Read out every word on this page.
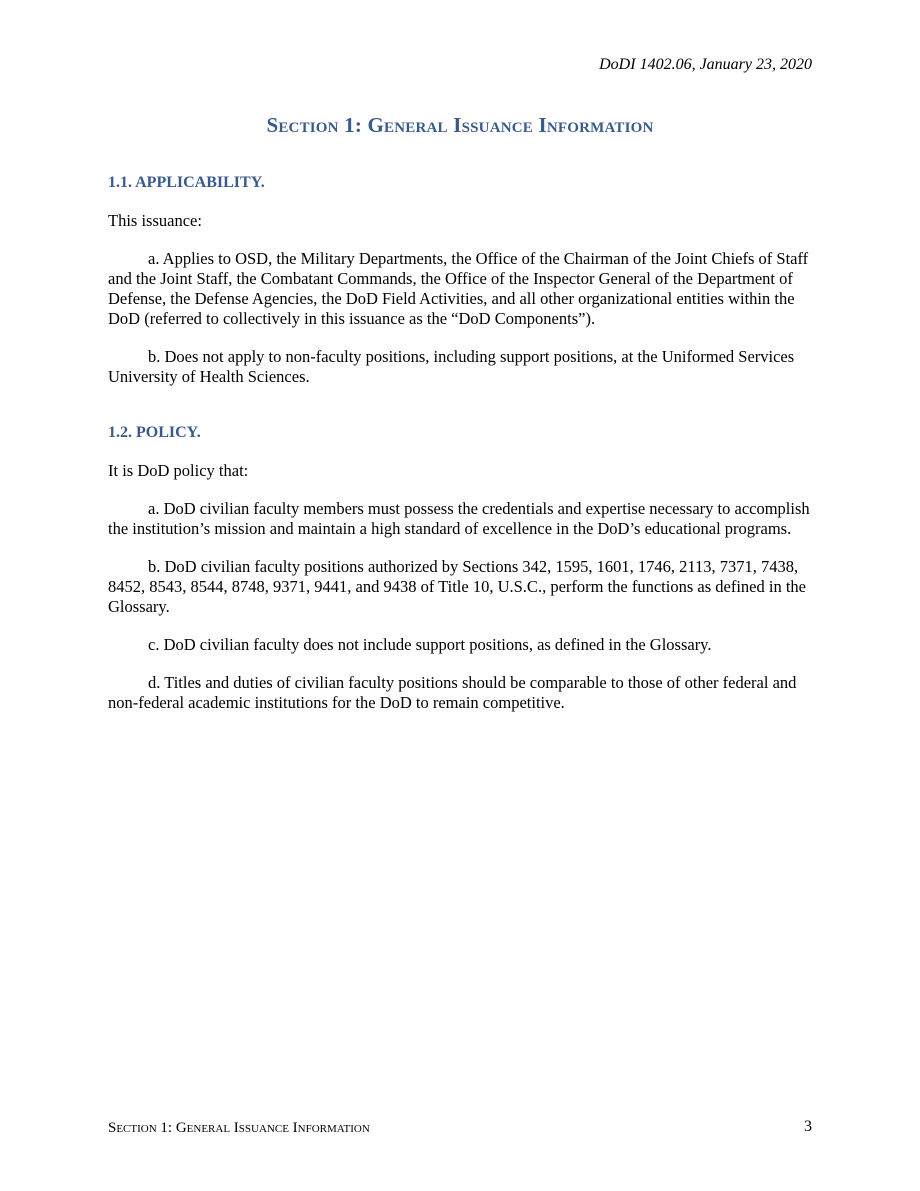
DoDI 1402.06, January 23, 2020
Section 1: General Issuance Information

1.1. APPLICABILITY.

This issuance:

a. Applies to OSD, the Military Departments, the Office of the Chairman of the Joint Chiefs of Staff and the Joint Staff, the Combatant Commands, the Office of the Inspector General of the Department of Defense, the Defense Agencies, the DoD Field Activities, and all other organizational entities within the DoD (referred to collectively in this issuance as the “DoD Components”).

b. Does not apply to non-faculty positions, including support positions, at the Uniformed Services University of Health Sciences.

1.2. POLICY.

It is DoD policy that:

a. DoD civilian faculty members must possess the credentials and expertise necessary to accomplish the institution’s mission and maintain a high standard of excellence in the DoD’s educational programs.

b. DoD civilian faculty positions authorized by Sections 342, 1595, 1601, 1746, 2113, 7371, 7438, 8452, 8543, 8544, 8748, 9371, 9441, and 9438 of Title 10, U.S.C., perform the functions as defined in the Glossary.

c. DoD civilian faculty does not include support positions, as defined in the Glossary.

d. Titles and duties of civilian faculty positions should be comparable to those of other federal and non-federal academic institutions for the DoD to remain competitive.

Section 1: General Issuance Information	3
